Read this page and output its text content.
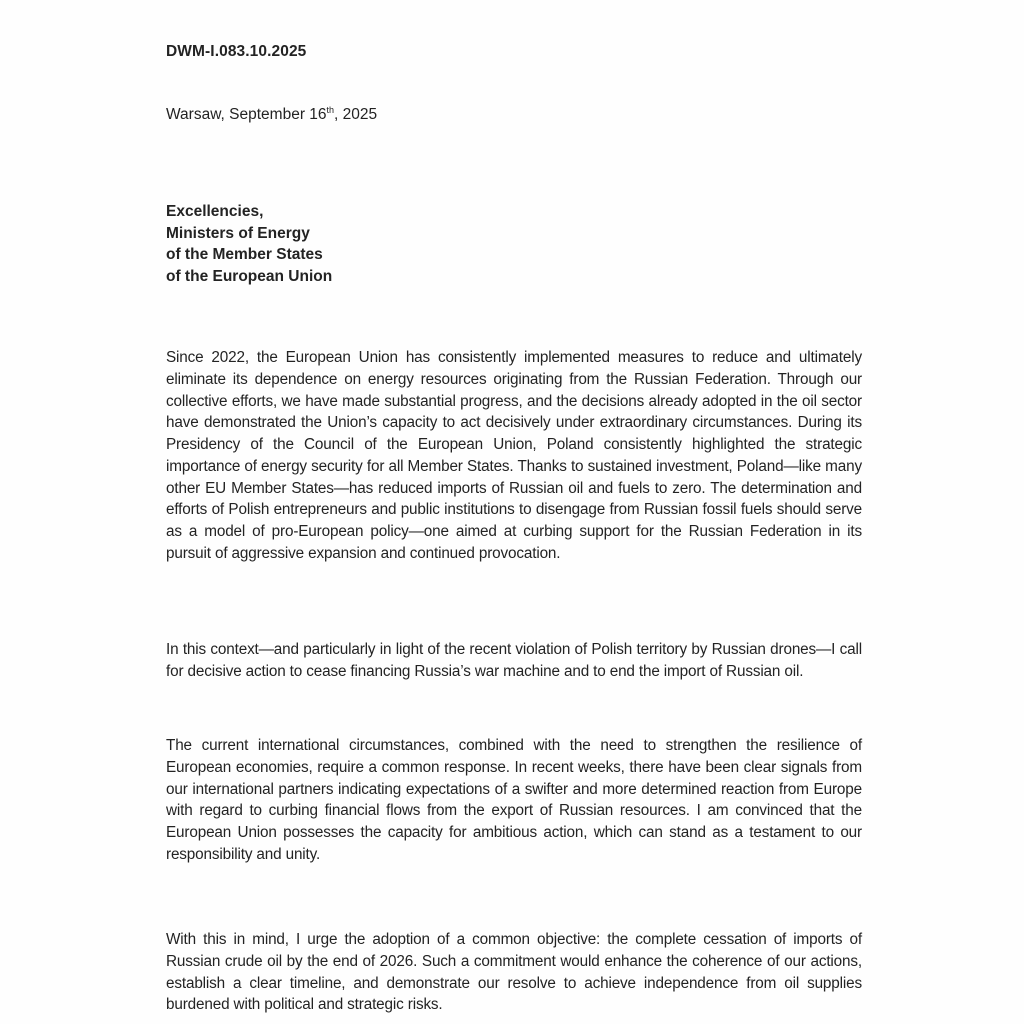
DWM-I.083.10.2025
Warsaw, September 16th, 2025
Excellencies,
Ministers of Energy
of the Member States
of the European Union

Since 2022, the European Union has consistently implemented measures to reduce and ultimately eliminate its dependence on energy resources originating from the Russian Federation. Through our collective efforts, we have made substantial progress, and the decisions already adopted in the oil sector have demonstrated the Union’s capacity to act decisively under extraordinary circumstances. During its Presidency of the Council of the European Union, Poland consistently highlighted the strategic importance of energy security for all Member States. Thanks to sustained investment, Poland—like many other EU Member States—has reduced imports of Russian oil and fuels to zero. The determination and efforts of Polish entrepreneurs and public institutions to disengage from Russian fossil fuels should serve as a model of pro-European policy—one aimed at curbing support for the Russian Federation in its pursuit of aggressive expansion and continued provocation.

In this context—and particularly in light of the recent violation of Polish territory by Russian drones—I call for decisive action to cease financing Russia’s war machine and to end the import of Russian oil.

The current international circumstances, combined with the need to strengthen the resilience of European economies, require a common response. In recent weeks, there have been clear signals from our international partners indicating expectations of a swifter and more determined reaction from Europe with regard to curbing financial flows from the export of Russian resources. I am convinced that the European Union possesses the capacity for ambitious action, which can stand as a testament to our responsibility and unity.

With this in mind, I urge the adoption of a common objective: the complete cessation of imports of Russian crude oil by the end of 2026. Such a commitment would enhance the coherence of our actions, establish a clear timeline, and demonstrate our resolve to achieve independence from oil supplies burdened with political and strategic risks.
